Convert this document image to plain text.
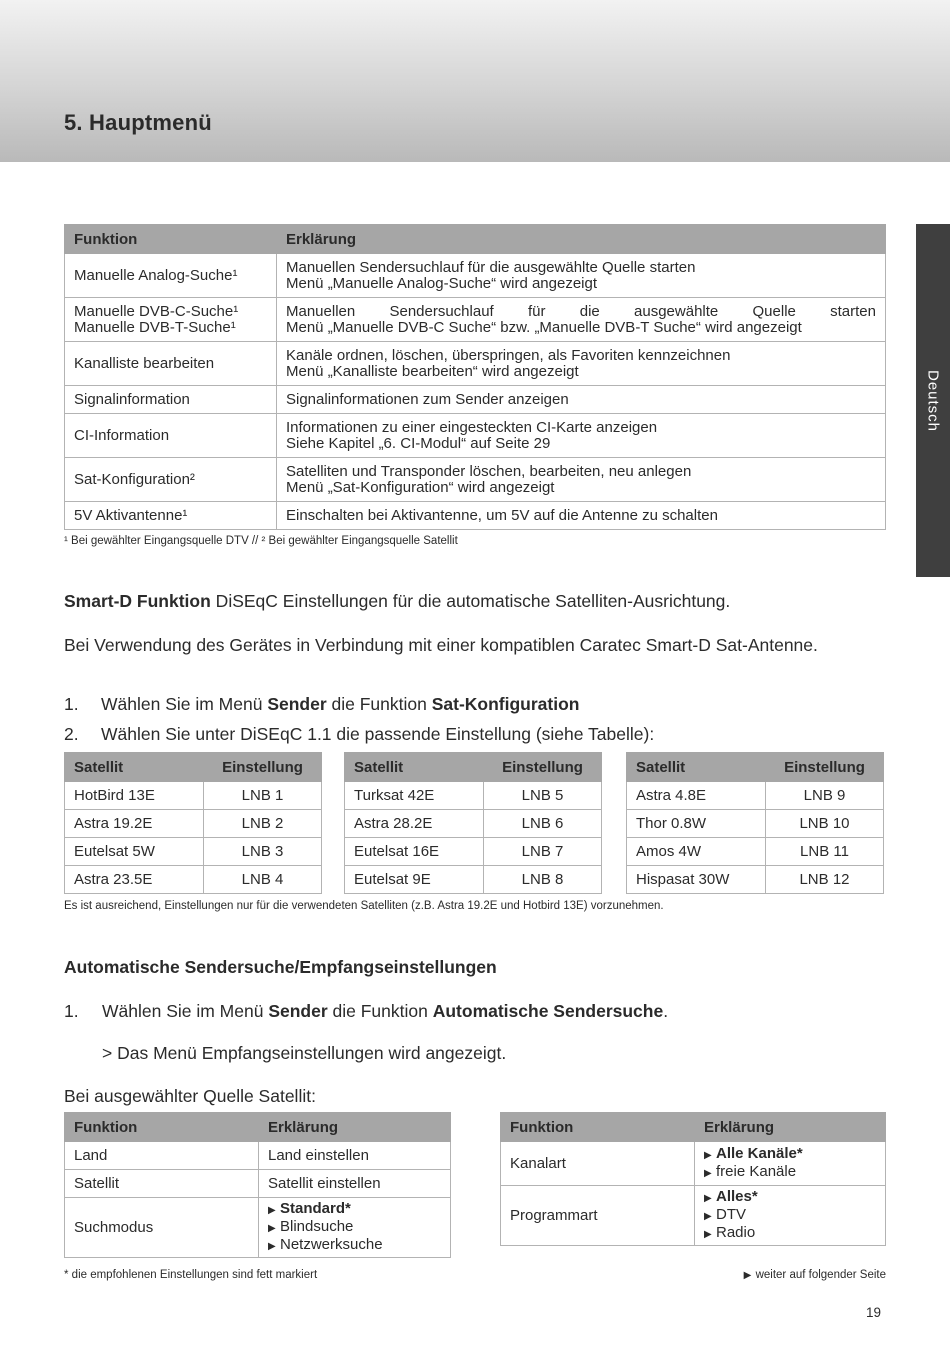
5. Hauptmenü
Deutsch
Funktion	Erklärung

Manuelle Analog-Suche¹	Manuellen Sendersuchlauf für die ausgewählte Quelle starten
Menü „Manuelle Analog-Suche“ wird angezeigt

Manuelle DVB-C-Suche¹
Manuelle DVB-T-Suche¹	Manuellen Sendersuchlauf für die ausgewählte Quelle starten
Menü „Manuelle DVB-C Suche“ bzw. „Manuelle DVB-T Suche“ wird angezeigt

Kanalliste bearbeiten	Kanäle ordnen, löschen, überspringen, als Favoriten kennzeichnen
Menü „Kanalliste bearbeiten“ wird angezeigt

Signalinformation	Signalinformationen zum Sender anzeigen

CI-Information	Informationen zu einer eingesteckten CI-Karte anzeigen
Siehe Kapitel „6. CI-Modul“ auf Seite 29

Sat-Konfiguration²	Satelliten und Transponder löschen, bearbeiten, neu anlegen
Menü „Sat-Konfiguration“ wird angezeigt

5V Aktivantenne¹	Einschalten bei Aktivantenne, um 5V auf die Antenne zu schalten

¹ Bei gewählter Eingangsquelle DTV // ² Bei gewählter Eingangsquelle Satellit

Smart-D Funktion DiSEqC Einstellungen für die automatische Satelliten-Ausrichtung.

Bei Verwendung des Gerätes in Verbindung mit einer kompatiblen Caratec Smart-D Sat-Antenne.

1. Wählen Sie im Menü Sender die Funktion Sat-Konfiguration

2. Wählen Sie unter DiSEqC 1.1 die passende Einstellung (siehe Tabelle):

Satellit	Einstellung
HotBird 13E	LNB 1
Astra 19.2E	LNB 2
Eutelsat 5W	LNB 3
Astra 23.5E	LNB 4
Satellit	Einstellung
Turksat 42E	LNB 5
Astra 28.2E	LNB 6
Eutelsat 16E	LNB 7
Eutelsat 9E	LNB 8
Satellit	Einstellung
Astra 4.8E	LNB 9
Thor 0.8W	LNB 10
Amos 4W	LNB 11
Hispasat 30W	LNB 12

Es ist ausreichend, Einstellungen nur für die verwendeten Satelliten (z.B. Astra 19.2E und Hotbird 13E) vorzunehmen.

Automatische Sendersuche/Empfangseinstellungen

1. Wählen Sie im Menü Sender die Funktion Automatische Sendersuche.

> Das Menü Empfangseinstellungen wird angezeigt.

Bei ausgewählter Quelle Satellit:

Funktion	Erklärung
Land	Land einstellen

Satellit	Satellit einstellen

Suchmodus	▶ Standard*
▶ Blindsuche
▶ Netzwerksuche
Funktion	Erklärung
Kanalart	▶ Alle Kanäle*
▶ freie Kanäle

Programmart	▶ Alles*
▶ DTV
▶ Radio

* die empfohlenen Einstellungen sind fett markiert	▶ weiter auf folgender Seite

19
